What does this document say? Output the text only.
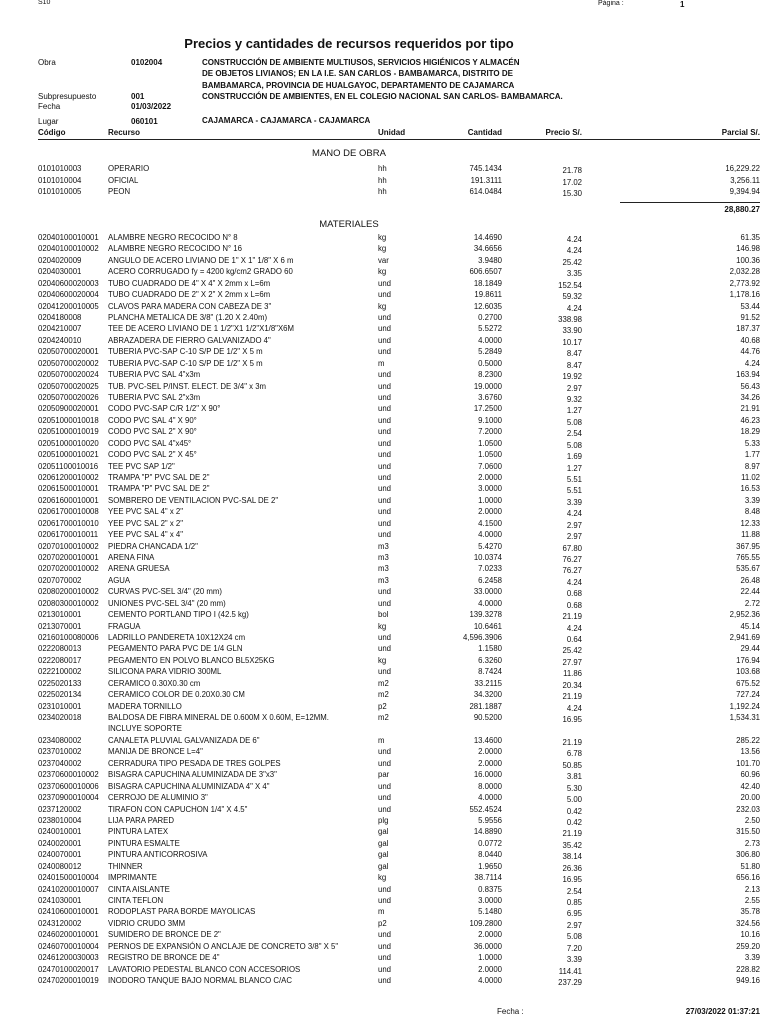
S10	Página :	1
Precios y cantidades de recursos requeridos por tipo
Obra	0102004	CONSTRUCCIÓN DE AMBIENTE MULTIUSOS, SERVICIOS HIGIÉNICOS Y ALMACÉN DE OBJETOS LIVIANOS; EN LA I.E. SAN CARLOS - BAMBAMARCA, DISTRITO DE BAMBAMARCA, PROVINCIA DE HUALGAYOC, DEPARTAMENTO DE CAJAMARCA
Subpresupuesto	001	CONSTRUCCIÓN DE AMBIENTES, EN EL COLEGIO NACIONAL SAN CARLOS- BAMBAMARCA.
Fecha	01/03/2022
Lugar	060101	CAJAMARCA - CAJAMARCA - CAJAMARCA
Código	Recurso	Unidad	Cantidad	Precio S/.	Parcial S/.
MANO DE OBRA
0101010003	OPERARIO	hh	745.1434	21.78	16,229.22
0101010004	OFICIAL	hh	191.3111	17.02	3,256.11
0101010005	PEON	hh	614.0484	15.30	9,394.94
28,880.27
MATERIALES
02040100010001 ALAMBRE NEGRO RECOCIDO N° 8	kg	14.4690	4.24	61.35
02040100010002 ALAMBRE NEGRO RECOCIDO N° 16	kg	34.6656	4.24	146.98
0204020009	ANGULO DE ACERO LIVIANO DE 1" X 1" 1/8" X 6 m	var	3.9480	25.42	100.36
0204030001	ACERO CORRUGADO fy = 4200 kg/cm2 GRADO 60	kg	606.6507	3.35	2,032.28
02040600020003 TUBO CUADRADO DE 4" X 4" X 2mm x L=6m	und	18.1849	152.54	2,773.92
02040600020004 TUBO CUADRADO DE 2" X 2" X 2mm x L=6m	und	19.8611	59.32	1,178.16
02041200010005 CLAVOS PARA MADERA CON CABEZA DE 3"	kg	12.6035	4.24	53.44
0204180008	PLANCHA METALICA DE 3/8" (1.20 X 2.40m)	und	0.2700	338.98	91.52
0204210007	TEE DE ACERO LIVIANO DE 1 1/2"X1 1/2"X1/8"X6M	und	5.5272	33.90	187.37
0204240010	ABRAZADERA DE FIERRO GALVANIZADO 4"	und	4.0000	10.17	40.68
02050700020001 TUBERIA PVC-SAP C-10 S/P DE 1/2" X 5 m	und	5.2849	8.47	44.76
02050700020002 TUBERIA PVC-SAP C-10 S/P DE 1/2" X 5 m	m	0.5000	8.47	4.24
02050700020024 TUBERIA PVC SAL 4"x3m	und	8.2300	19.92	163.94
02050700020025 TUB. PVC-SEL P/INST. ELECT. DE 3/4" x 3m	und	19.0000	2.97	56.43
02050700020026 TUBERIA PVC SAL 2"x3m	und	3.6760	9.32	34.26
02050900020001 CODO PVC-SAP C/R 1/2" X 90°	und	17.2500	1.27	21.91
02051000010018 CODO PVC SAL 4" X 90°	und	9.1000	5.08	46.23
02051000010019 CODO PVC SAL 2" X 90°	und	7.2000	2.54	18.29
02051000010020 CODO PVC SAL 4"x45°	und	1.0500	5.08	5.33
02051000010021 CODO PVC SAL 2" X 45°	und	1.0500	1.69	1.77
02051100010016 TEE PVC SAP 1/2"	und	7.0600	1.27	8.97
02061200010002 TRAMPA "P" PVC SAL DE 2"	und	2.0000	5.51	11.02
02061500010001 TRAMPA "P" PVC SAL DE 2"	und	3.0000	5.51	16.53
02061600010001 SOMBRERO DE VENTILACION PVC-SAL DE 2"	und	1.0000	3.39	3.39
02061700010008 YEE PVC SAL 4" x 2"	und	2.0000	4.24	8.48
02061700010010 YEE PVC SAL 2" x 2"	und	4.1500	2.97	12.33
02061700010011 YEE PVC SAL 4" x 4"	und	4.0000	2.97	11.88
02070100010002 PIEDRA CHANCADA 1/2"	m3	5.4270	67.80	367.95
02070200010001 ARENA FINA	m3	10.0374	76.27	765.55
02070200010002 ARENA GRUESA	m3	7.0233	76.27	535.67
0207070002	AGUA	m3	6.2458	4.24	26.48
02080200010002 CURVAS PVC-SEL 3/4" (20 mm)	und	33.0000	0.68	22.44
02080300010002 UNIONES PVC-SEL 3/4" (20 mm)	und	4.0000	0.68	2.72
0213010001	CEMENTO PORTLAND TIPO I (42.5 kg)	bol	139.3278	21.19	2,952.36
0213070001	FRAGUA	kg	10.6461	4.24	45.14
02160100080006 LADRILLO PANDERETA 10X12X24 cm	und	4,596.3906	0.64	2,941.69
0222080013	PEGAMENTO PARA PVC DE 1/4 GLN	und	1.1580	25.42	29.44
0222080017	PEGAMENTO EN POLVO BLANCO BL5X25KG	kg	6.3260	27.97	176.94
0222100002	SILICONA PARA VIDRIO 300ML	und	8.7424	11.86	103.68
0225020133	CERAMICO 0.30X0.30 cm	m2	33.2115	20.34	675.52
0225020134	CERAMICO COLOR DE 0.20X0.30 CM	m2	34.3200	21.19	727.24
0231010001	MADERA TORNILLO	p2	281.1887	4.24	1,192.24
0234020018	BALDOSA DE FIBRA MINERAL DE 0.600M X 0.60M, E=12MM.	m2	90.5200	16.95	1,534.31
INCLUYE SOPORTE
0234080002	CANALETA PLUVIAL GALVANIZADA DE 6"	m	13.4600	21.19	285.22
0237010002	MANIJA DE BRONCE L=4"	und	2.0000	6.78	13.56
0237040002	CERRADURA TIPO PESADA DE TRES GOLPES	und	2.0000	50.85	101.70
02370600010002 BISAGRA CAPUCHINA ALUMINIZADA DE 3"x3"	par	16.0000	3.81	60.96
02370600010006 BISAGRA CAPUCHINA ALUMINIZADA 4" X 4"	und	8.0000	5.30	42.40
02370900010004 CERROJO DE ALUMINIO 3"	und	4.0000	5.00	20.00
0237120002	TIRAFON CON CAPUCHON 1/4" X 4.5"	und	552.4524	0.42	232.03
0238010004	LIJA PARA PARED	plg	5.9556	0.42	2.50
0240010001	PINTURA LATEX	gal	14.8890	21.19	315.50
0240020001	PINTURA ESMALTE	gal	0.0772	35.42	2.73
0240070001	PINTURA ANTICORROSIVA	gal	8.0440	38.14	306.80
0240080012	THINNER	gal	1.9650	26.36	51.80
02401500010004 IMPRIMANTE	kg	38.7114	16.95	656.16
02410200010007 CINTA AISLANTE	und	0.8375	2.54	2.13
0241030001	CINTA TEFLON	und	3.0000	0.85	2.55
02410600010001 RODOPLAST PARA BORDE MAYOLICAS	m	5.1480	6.95	35.78
0243120002	VIDRIO CRUDO 3MM	p2	109.2800	2.97	324.56
02460200010001 SUMIDERO DE BRONCE DE 2"	und	2.0000	5.08	10.16
02460700010004 PERNOS DE EXPANSIÓN O ANCLAJE DE CONCRETO 3/8" X 5"	und	36.0000	7.20	259.20
02461200030003 REGISTRO DE BRONCE DE 4"	und	1.0000	3.39	3.39
02470100020017 LAVATORIO PEDESTAL BLANCO CON ACCESORIOS	und	2.0000	114.41	228.82
02470200010019 INODORO TANQUE BAJO NORMAL BLANCO C/AC	und	4.0000	237.29	949.16
Fecha :	27/03/2022 01:37:21
